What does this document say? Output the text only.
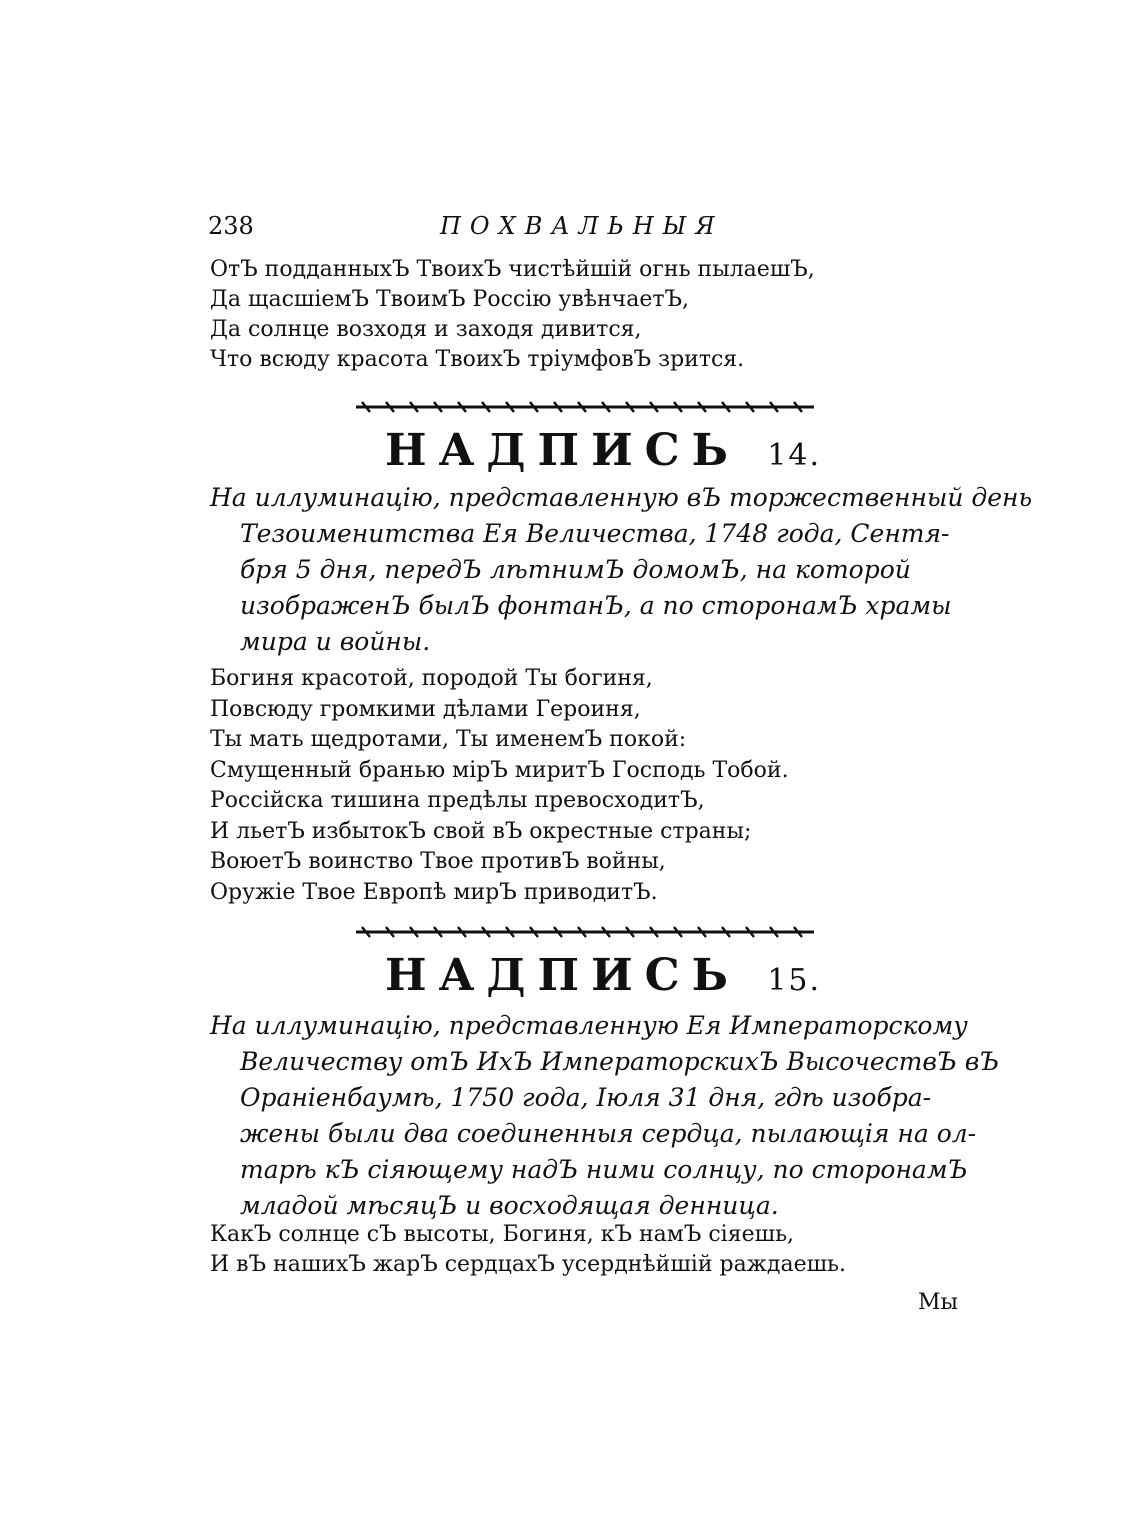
238	ПОХВАЛЬНЫЯ
ОтЪ подданныхЪ ТвоихЪ чистѣйшій огнь пылаешЪ,
Да щасшіемЪ ТвоимЪ Россію увѣнчаетЪ,
Да солнце возходя и заходя дивится,
Что всюду красота ТвоихЪ тріумфовЪ зрится.
НАДПИСЬ 14.
На иллуминацію, представленную вЪ торжественный день
Тезоименитства Ея Величества, 1748 года, Сентя-
бря 5 дня, передЪ лѣтнимЪ домомЪ, на которой
изображенЪ былЪ фонтанЪ, а по сторонамЪ храмы
мира и войны.
Богиня красотой, породой Ты богиня,
Повсюду громкими дѣлами Героиня,
Ты мать щедротами, Ты именемЪ покой:
Смущенный бранью мірЪ миритЪ Господь Тобой.
Россійска тишина предѣлы превосходитЪ,
И льетЪ избытокЪ свой вЪ окрестные страны;
ВоюетЪ воинство Твое противЪ войны,
Оружіе Твое Европѣ мирЪ приводитЪ.
НАДПИСЬ 15.
На иллуминацію, представленную Ея Императорскому
Величеству отЪ ИхЪ ИмператорскихЪ ВысочествЪ вЪ
Ораніенбаумѣ, 1750 года, Іюля 31 дня, гдѣ изобра-
жены были два соединенныя сердца, пылающія на ол-
тарѣ кЪ сіяющему надЪ ними солнцу, по сторонамЪ
младой мѣсяцЪ и восходящая денница.
КакЪ солнце сЪ высоты, Богиня, кЪ намЪ сіяешь,
И вЪ нашихЪ жарЪ сердцахЪ усерднѣйшій раждаешь.
Мы
